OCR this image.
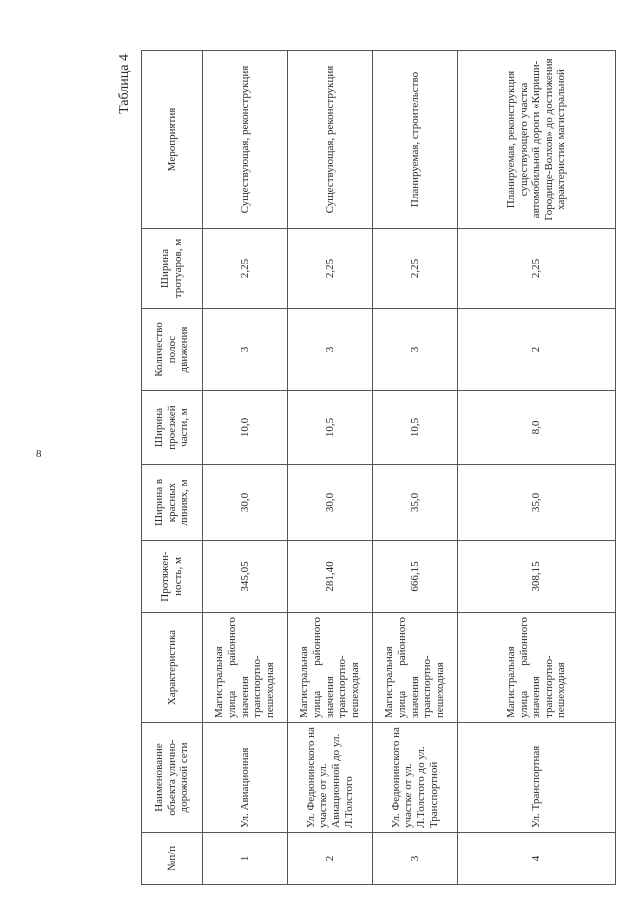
8
Таблица 4
№п/п	Наименование объекта улично-дорожной сети	Характеристика	Протяжен-ность, м	Ширина в красных линиях, м	Ширина проезжей части, м	Количество полос движения	Ширина тротуаров, м	Мероприятия
1	Ул. Авиационная	Магистральная улица районного значения транспортно-пешеходная	345,05	30,0	10,0	3	2,25	Существующая, реконструкция
2	Ул. Федюнинского на участке от ул. Авиационной до ул. Л.Толстого	Магистральная улица районного значения транспортно-пешеходная	281,40	30,0	10,5	3	2,25	Существующая, реконструкция
3	Ул. Федюнинского на участке от ул. Л.Толстого до ул. Транспортной	Магистральная улица районного значения транспортно-пешеходная	666,15	35,0	10,5	3	2,25	Планируемая, строительство
4	Ул. Транспортная	Магистральная улица районного значения транспортно-пешеходная	308,15	35,0	8,0	2	2,25	Планируемая, реконструкция существующего участка автомобильной дороги «Кириши-Городище-Волхов» до достижения характеристик магистральной
